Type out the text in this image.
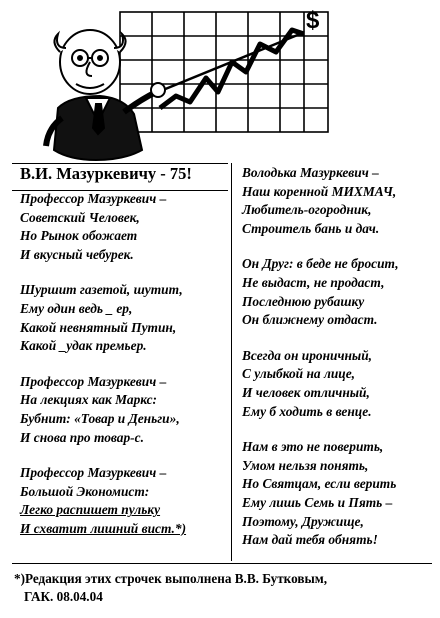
$
В.И. Мазуркевичу - 75!
Профессор Мазуркевич –
Советский Человек,
Но Рынок обожает
И вкусный чебурек.
Шуршит газетой, шутит,
Ему один ведь _ ер,
Какой невнятный Путин,
Какой _удак премьер.
Профессор Мазуркевич –
На лекциях как Маркс:
Бубнит: «Товар и Деньги»,
И снова про товар-с.
Профессор Мазуркевич –
Большой Экономист:
Легко распишет пульку
И схватит лишний вист.*)
Володька Мазуркевич –
Наш коренной МИХМАЧ,
Любитель-огородник,
Строитель бань и дач.
Он Друг: в беде не бросит,
Не выдаст, не продаст,
Последнюю рубашку
Он ближнему отдаст.
Всегда он ироничный,
С улыбкой на лице,
И человек отличный,
Ему б ходить в венце.
Нам в это не поверить,
Умом нельзя понять,
Но Святцам, если верить
Ему лишь Семь и Пять –
Поэтому, Дружище,
Нам дай тебя обнять!
*)Редакция этих строчек выполнена В.В. Бутковым,
ГАК. 08.04.04
